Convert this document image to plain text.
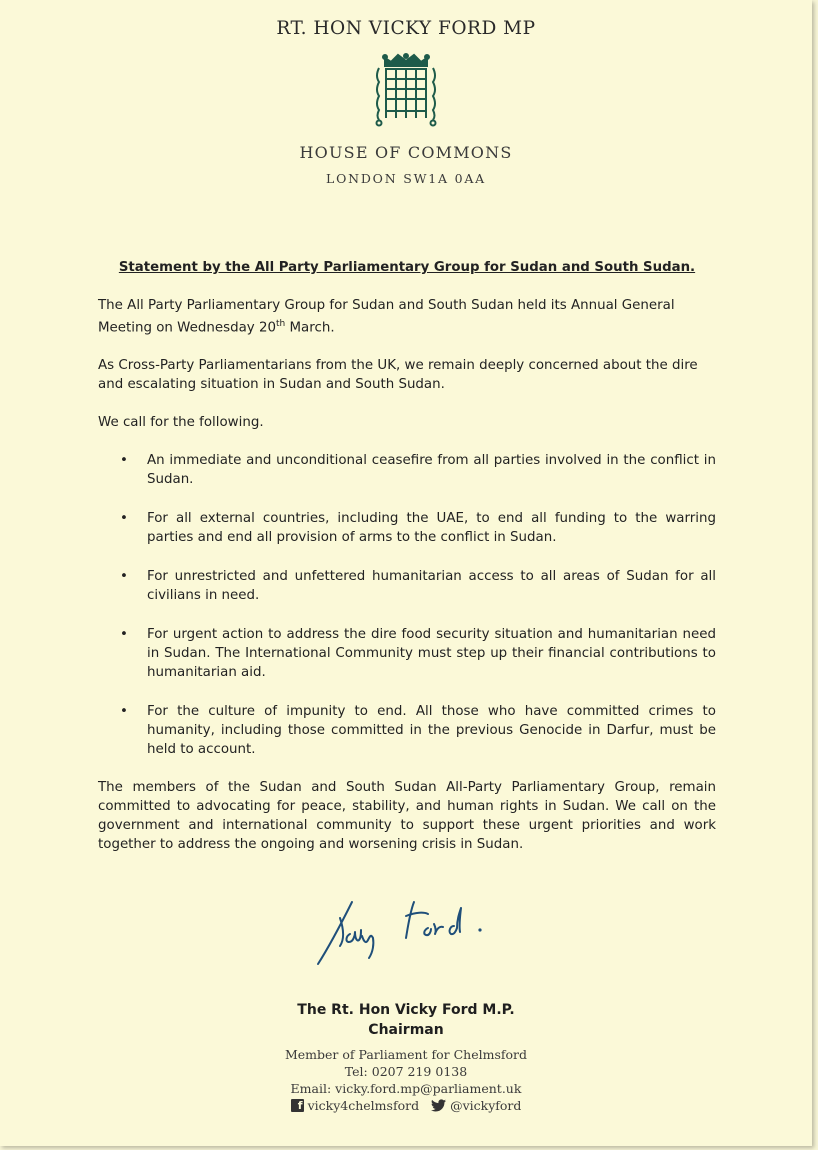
RT. HON VICKY FORD MP
HOUSE OF COMMONS
LONDON SW1A 0AA
Statement by the All Party Parliamentary Group for Sudan and South Sudan.

The All Party Parliamentary Group for Sudan and South Sudan held its Annual General Meeting on Wednesday 20th March.

As Cross-Party Parliamentarians from the UK, we remain deeply concerned about the dire and escalating situation in Sudan and South Sudan.

We call for the following.

• An immediate and unconditional ceasefire from all parties involved in the conflict in Sudan.
• For all external countries, including the UAE, to end all funding to the warring parties and end all provision of arms to the conflict in Sudan.
• For unrestricted and unfettered humanitarian access to all areas of Sudan for all civilians in need.
• For urgent action to address the dire food security situation and humanitarian need in Sudan. The International Community must step up their financial contributions to humanitarian aid.
• For the culture of impunity to end. All those who have committed crimes to humanity, including those committed in the previous Genocide in Darfur, must be held to account.

The members of the Sudan and South Sudan All-Party Parliamentary Group, remain committed to advocating for peace, stability, and human rights in Sudan. We call on the government and international community to support these urgent priorities and work together to address the ongoing and worsening crisis in Sudan.

The Rt. Hon Vicky Ford M.P.
Chairman
Member of Parliament for Chelmsford
Tel: 0207 219 0138
Email: vicky.ford.mp@parliament.uk
f vicky4chelmsford @vickyford
